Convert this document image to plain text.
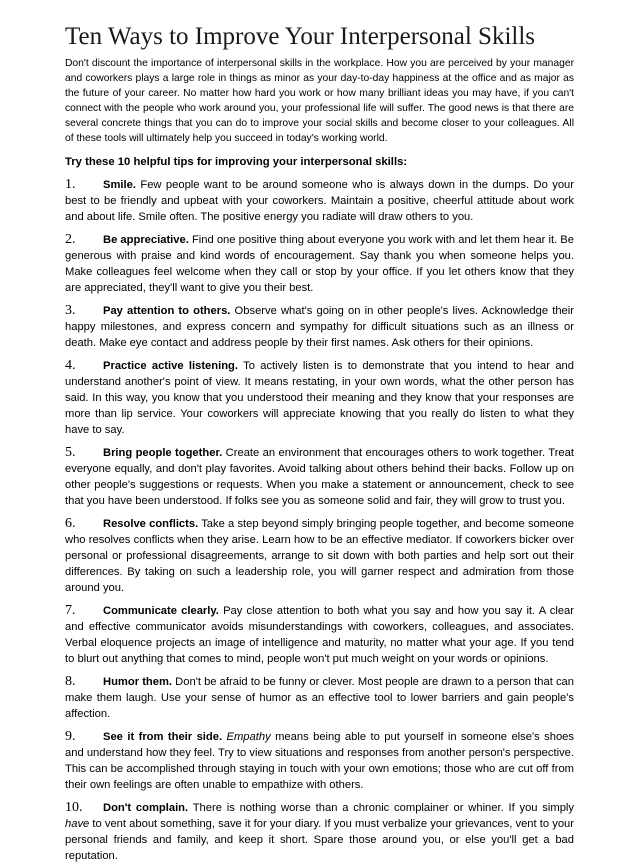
Ten Ways to Improve Your Interpersonal Skills

Don't discount the importance of interpersonal skills in the workplace. How you are perceived by your manager and coworkers plays a large role in things as minor as your day-to-day happiness at the office and as major as the future of your career. No matter how hard you work or how many brilliant ideas you may have, if you can't connect with the people who work around you, your professional life will suffer. The good news is that there are several concrete things that you can do to improve your social skills and become closer to your colleagues. All of these tools will ultimately help you succeed in today's working world.

Try these 10 helpful tips for improving your interpersonal skills:

1. Smile. Few people want to be around someone who is always down in the dumps. Do your best to be friendly and upbeat with your coworkers. Maintain a positive, cheerful attitude about work and about life. Smile often. The positive energy you radiate will draw others to you.

2. Be appreciative. Find one positive thing about everyone you work with and let them hear it. Be generous with praise and kind words of encouragement. Say thank you when someone helps you. Make colleagues feel welcome when they call or stop by your office. If you let others know that they are appreciated, they'll want to give you their best.

3. Pay attention to others. Observe what's going on in other people's lives. Acknowledge their happy milestones, and express concern and sympathy for difficult situations such as an illness or death. Make eye contact and address people by their first names. Ask others for their opinions.

4. Practice active listening. To actively listen is to demonstrate that you intend to hear and understand another's point of view. It means restating, in your own words, what the other person has said. In this way, you know that you understood their meaning and they know that your responses are more than lip service. Your coworkers will appreciate knowing that you really do listen to what they have to say.

5. Bring people together. Create an environment that encourages others to work together. Treat everyone equally, and don't play favorites. Avoid talking about others behind their backs. Follow up on other people's suggestions or requests. When you make a statement or announcement, check to see that you have been understood. If folks see you as someone solid and fair, they will grow to trust you.

6. Resolve conflicts. Take a step beyond simply bringing people together, and become someone who resolves conflicts when they arise. Learn how to be an effective mediator. If coworkers bicker over personal or professional disagreements, arrange to sit down with both parties and help sort out their differences. By taking on such a leadership role, you will garner respect and admiration from those around you.

7. Communicate clearly. Pay close attention to both what you say and how you say it. A clear and effective communicator avoids misunderstandings with coworkers, colleagues, and associates. Verbal eloquence projects an image of intelligence and maturity, no matter what your age. If you tend to blurt out anything that comes to mind, people won't put much weight on your words or opinions.

8. Humor them. Don't be afraid to be funny or clever. Most people are drawn to a person that can make them laugh. Use your sense of humor as an effective tool to lower barriers and gain people's affection.

9. See it from their side. Empathy means being able to put yourself in someone else's shoes and understand how they feel. Try to view situations and responses from another person's perspective. This can be accomplished through staying in touch with your own emotions; those who are cut off from their own feelings are often unable to empathize with others.

10. Don't complain. There is nothing worse than a chronic complainer or whiner. If you simply have to vent about something, save it for your diary. If you must verbalize your grievances, vent to your personal friends and family, and keep it short. Spare those around you, or else you'll get a bad reputation.
